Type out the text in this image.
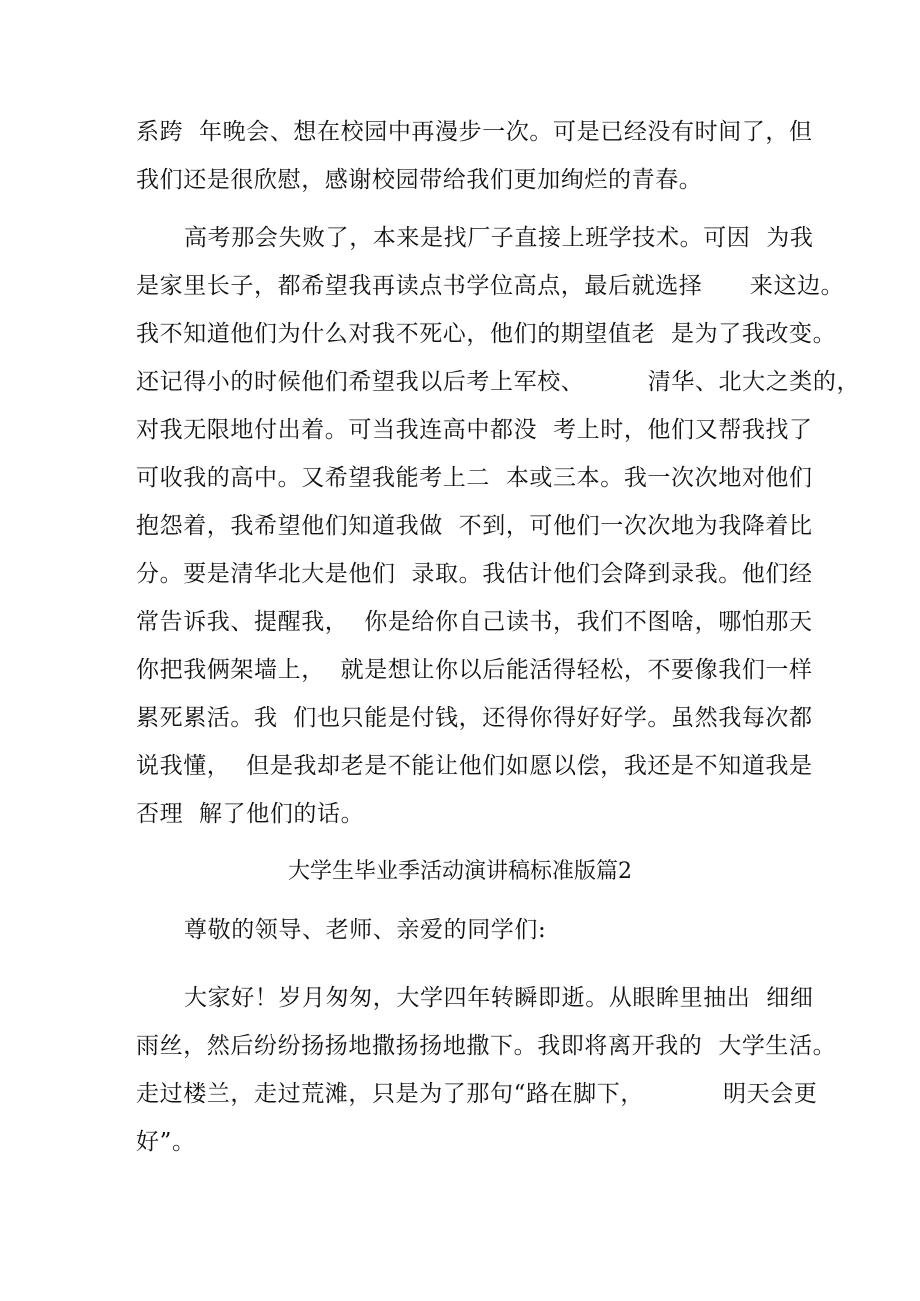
系跨  年晚会、想在校园中再漫步一次。可是已经没有时间了，但
我们还是很欣慰，感谢校园带给我们更加绚烂的青春。
高考那会失败了，本来是找厂子直接上班学技术。可因  为我
是家里长子，都希望我再读点书学位高点，最后就选择      来这边。
我不知道他们为什么对我不死心，他们的期望值老  是为了我改变。
还记得小的时候他们希望我以后考上军校、        清华、北大之类的，
对我无限地付出着。可当我连高中都没  考上时，他们又帮我找了
可收我的高中。又希望我能考上二  本或三本。我一次次地对他们
抱怨着，我希望他们知道我做  不到，可他们一次次地为我降着比
分。要是清华北大是他们  录取。我估计他们会降到录我。他们经
常告诉我、提醒我，  你是给你自己读书，我们不图啥，哪怕那天
你把我俩架墙上，  就是想让你以后能活得轻松，不要像我们一样
累死累活。我  们也只能是付钱，还得你得好好学。虽然我每次都
说我懂，  但是我却老是不能让他们如愿以偿，我还是不知道我是
否理  解了他们的话。
大学生毕业季活动演讲稿标准版篇2
尊敬的领导、老师、亲爱的同学们:
大家好！岁月匆匆，大学四年转瞬即逝。从眼眸里抽出  细细
雨丝，然后纷纷扬扬地撒扬扬地撒下。我即将离开我的  大学生活。
走过楼兰，走过荒滩，只是为了那句“路在脚下，          明天会更
好”。
